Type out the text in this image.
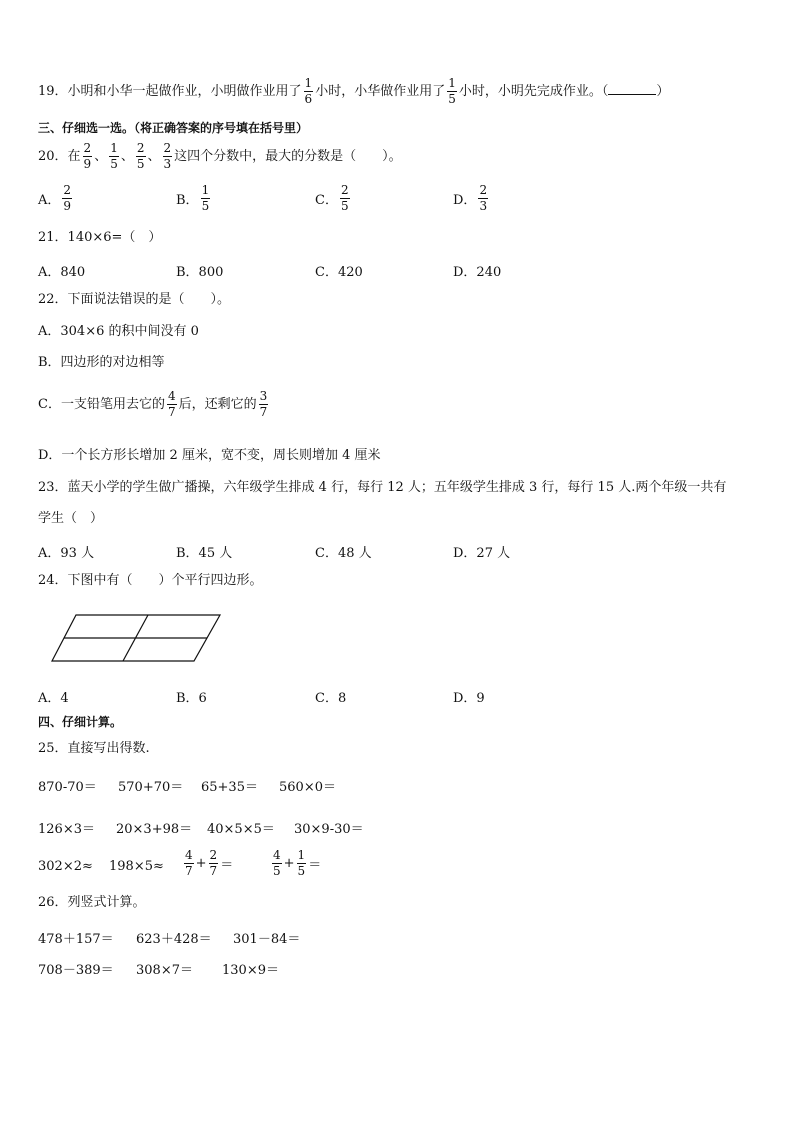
19．小明和小华一起做作业，小明做作业用了 $\frac{1}{6}$ 小时，小华做作业用了 $\frac{1}{5}$ 小时，小明先完成作业。（	）
三、仔细选一选。（将正确答案的序号填在括号里）
20．在 $\frac{2}{9}$ 、 $\frac{1}{5}$ 、 $\frac{2}{5}$ 、 $\frac{2}{3}$ 这四个分数中，最大的分数是（　　）。
A． $\frac{2}{9}$	B． $\frac{1}{5}$	C． $\frac{2}{5}$	D． $\frac{2}{3}$
21．140×6=（　）
A．840	B．800	C．420	D．240
22．下面说法错误的是（　　）。
A．304×6 的积中间没有 0
B．四边形的对边相等
C．一支铅笔用去它的 $\frac{4}{7}$ 后，还剩它的 $\frac{3}{7}$
D．一个长方形长增加 2 厘米，宽不变，周长则增加 4 厘米
23．蓝天小学的学生做广播操，六年级学生排成 4 行，每行 12 人；五年级学生排成 3 行，每行 15 人.两个年级一共有
学生（　）
A．93 人	B．45 人	C．48 人	D．27 人
24．下图中有（　　）个平行四边形。
A．4	B．6	C．8	D．9
四、仔细计算。
25．直接写出得数.
870-70＝ 570+70＝ 65+35＝ 560×0＝
126×3＝ 20×3+98＝ 40×5×5＝ 30×9-30＝
$302\times 2\approx 198\times 5\approx \frac{4}{7} + \frac{2}{7}$ ＝	$\frac{4}{5} + \frac{1}{5}$ ＝
26．列竖式计算。
478＋157＝ 623＋428＝ 301－84＝
708－389＝ 308×7＝ 130×9＝
